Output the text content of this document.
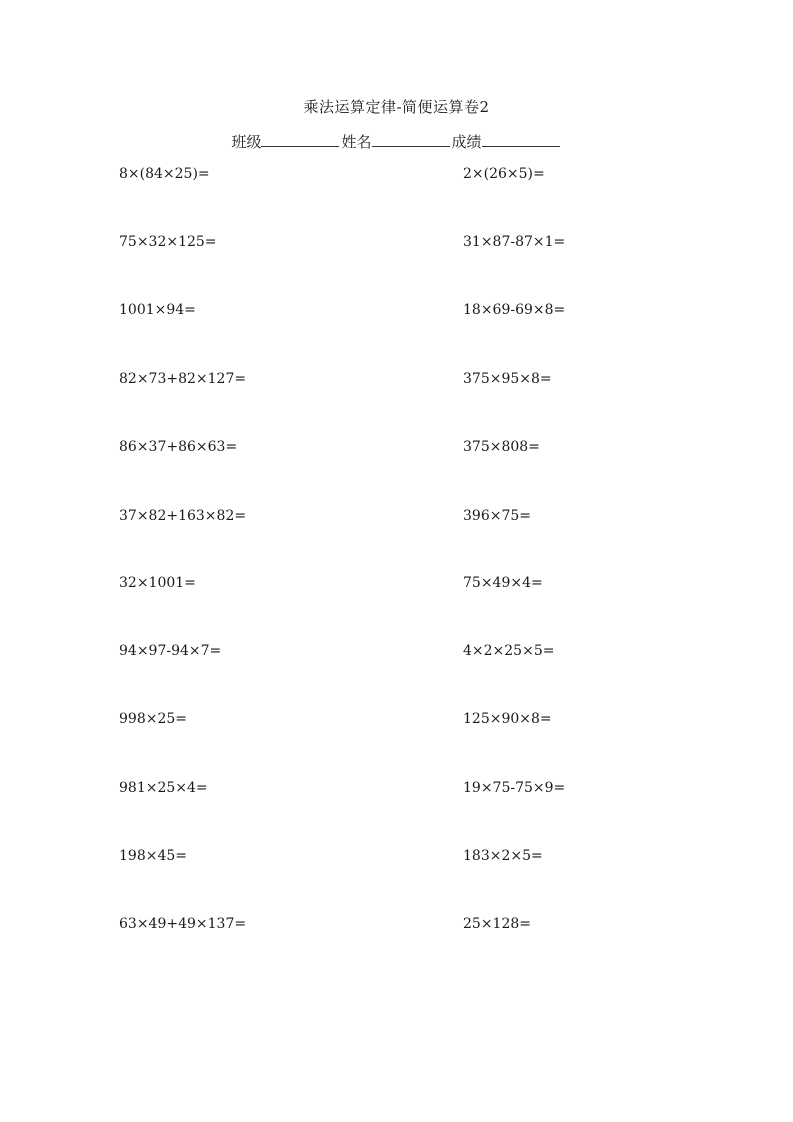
乘法运算定律-简便运算卷2
班级	姓名	成绩
8×(84×25)=
75×32×125=
1001×94=
82×73+82×127=
86×37+86×63=
37×82+163×82=
32×1001=
94×97-94×7=
998×25=
981×25×4=
198×45=
63×49+49×137=
2×(26×5)=
31×87-87×1=
18×69-69×8=
375×95×8=
375×808=
396×75=
75×49×4=
4×2×25×5=
125×90×8=
19×75-75×9=
183×2×5=
25×128=
